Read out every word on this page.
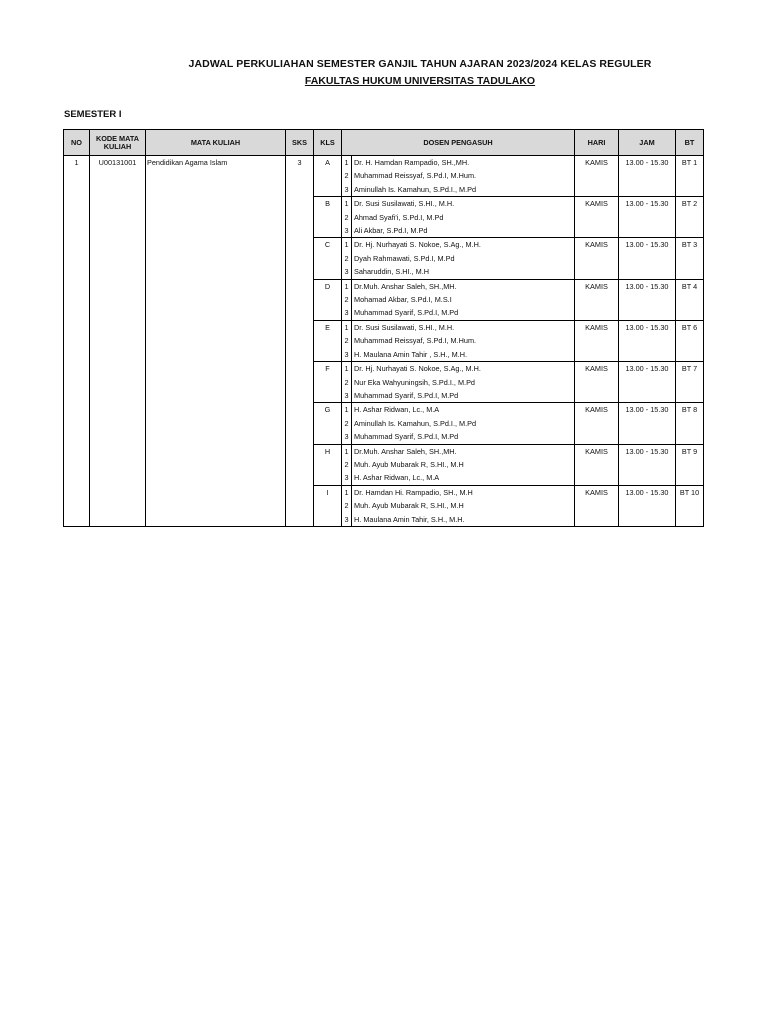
JADWAL PERKULIAHAN SEMESTER GANJIL TAHUN AJARAN 2023/2024 KELAS REGULER
FAKULTAS HUKUM UNIVERSITAS TADULAKO
SEMESTER I
NO	KODE MATA KULIAH	MATA KULIAH	SKS	KLS	DOSEN PENGASUH		HARI	JAM	BT
1	U00131001	Pendidikan Agama Islam	3	A	1	Dr. H. Hamdan Rampadio, SH.,MH.	KAMIS	13.00 - 15.30	BT 1
					2	Muhammad Reissyaf, S.Pd.I, M.Hum.			
					3	Aminullah Is. Kamahun, S.Pd.I., M.Pd			
				B	1	Dr. Susi Susilawati, S.HI., M.H.	KAMIS	13.00 - 15.30	BT 2
					2	Ahmad Syafi'i, S.Pd.I, M.Pd			
					3	Ali Akbar, S.Pd.I, M.Pd			
				C	1	Dr. Hj. Nurhayati S. Nokoe, S.Ag., M.H.	KAMIS	13.00 - 15.30	BT 3
					2	Dyah Rahmawati, S.Pd.I, M.Pd			
					3	Saharuddin, S.HI., M.H			
				D	1	Dr.Muh. Anshar Saleh, SH.,MH.	KAMIS	13.00 - 15.30	BT 4
					2	Mohamad Akbar, S.Pd.I, M.S.I			
					3	Muhammad Syarif, S.Pd.I, M.Pd			
				E	1	Dr. Susi Susilawati, S.HI., M.H.	KAMIS	13.00 - 15.30	BT 6
					2	Muhammad Reissyaf, S.Pd.I, M.Hum.			
					3	H. Maulana Amin Tahir , S.H., M.H.			
				F	1	Dr. Hj. Nurhayati S. Nokoe, S.Ag., M.H.	KAMIS	13.00 - 15.30	BT 7
					2	Nur Eka Wahyuningsih, S.Pd.I., M.Pd			
					3	Muhammad Syarif, S.Pd.I, M.Pd			
				G	1	H. Ashar Ridwan, Lc., M.A	KAMIS	13.00 - 15.30	BT 8
					2	Aminullah Is. Kamahun, S.Pd.I., M.Pd			
					3	Muhammad Syarif, S.Pd.I, M.Pd			
				H	1	Dr.Muh. Anshar Saleh, SH.,MH.	KAMIS	13.00 - 15.30	BT 9
					2	Muh. Ayub Mubarak R, S.HI., M.H			
					3	H. Ashar Ridwan, Lc., M.A			
				I	1	Dr. Hamdan Hi. Rampadio, SH., M.H	KAMIS	13.00 - 15.30	BT 10
					2	Muh. Ayub Mubarak R, S.HI., M.H			
					3	H. Maulana Amin Tahir, S.H., M.H.			
